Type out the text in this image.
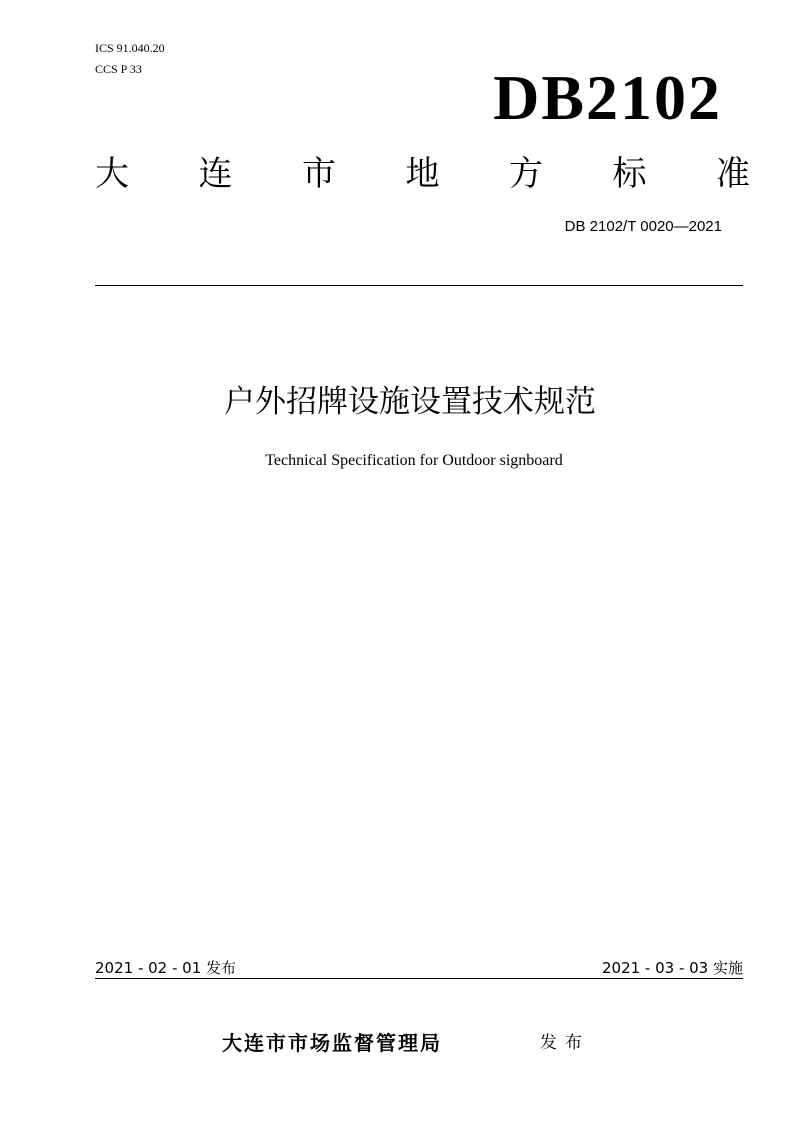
ICS 91.040.20
CCS P 33	DB2102
大 连 市 地 方 标 准
DB 2102/T 0020—2021
户外招牌设施设置技术规范
Technical Specification for Outdoor signboard
2021 - 02 - 01 发布	2021 - 03 - 03 实施
大连市市场监督管理局	发布
